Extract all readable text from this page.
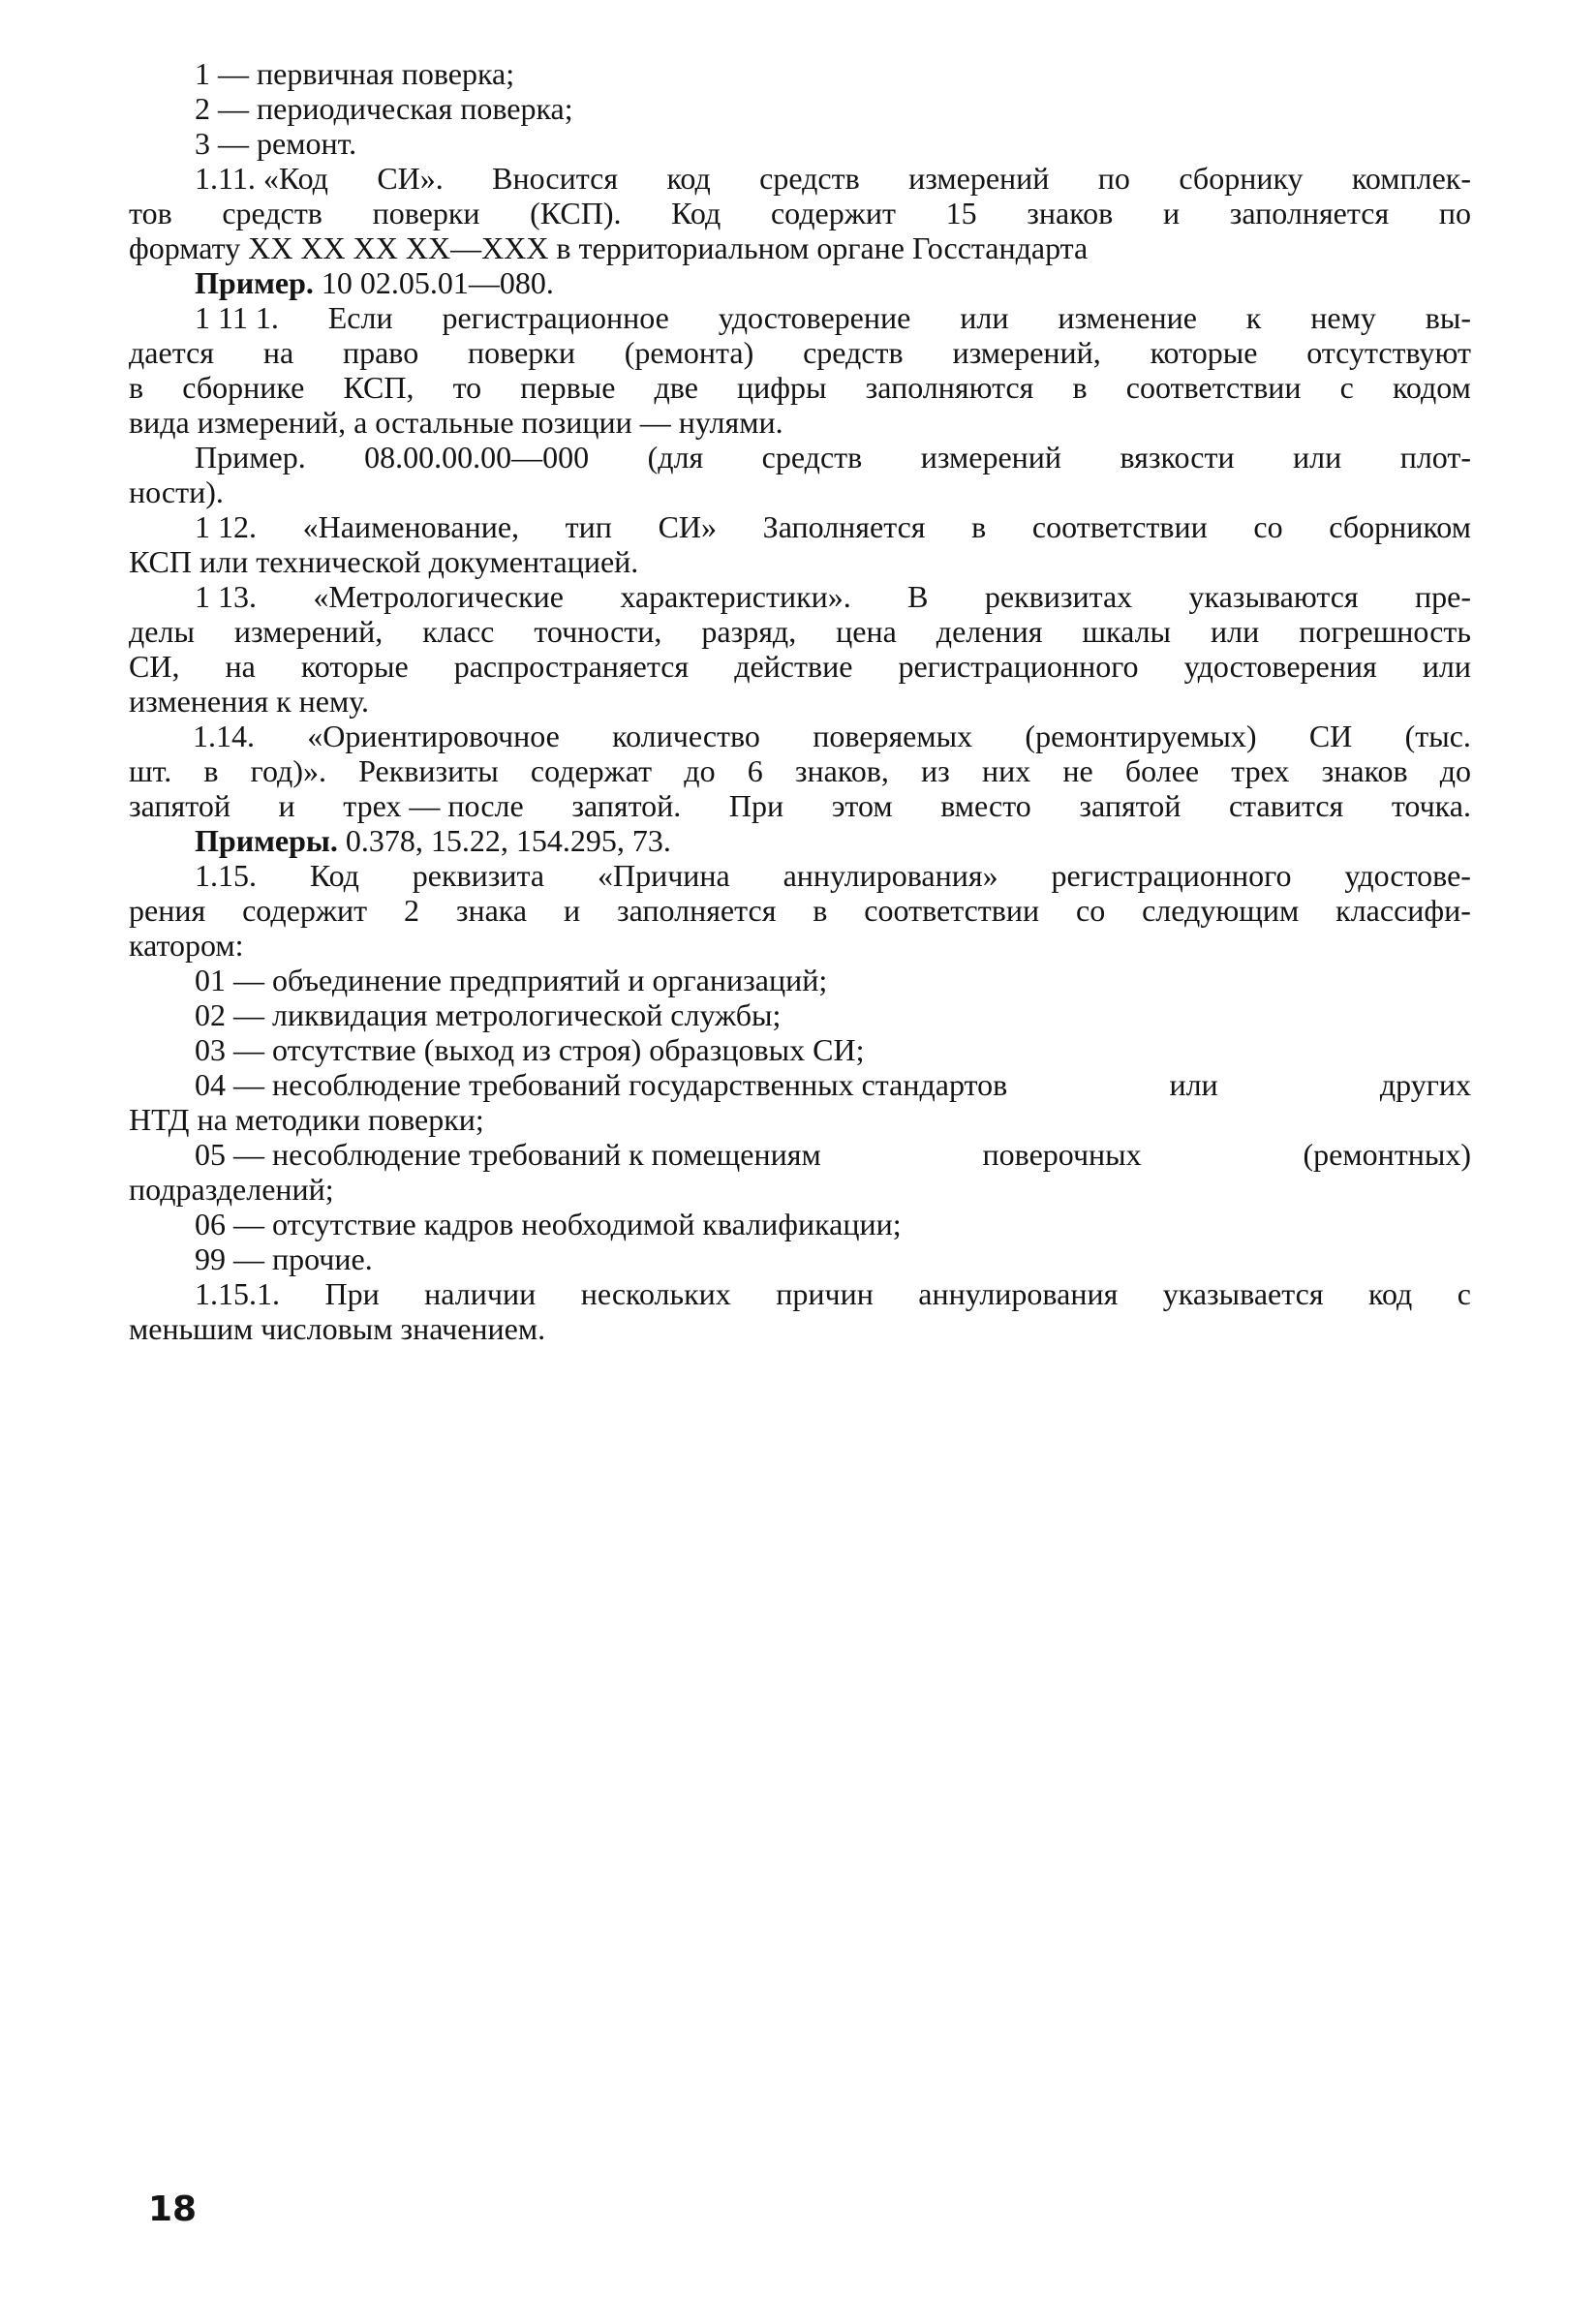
1 — первичная поверка;
2 — периодическая поверка;
3 — ремонт.
1.11. «Код СИ». Вносится код средств измерений по сборнику комплек-
тов средств поверки (КСП). Код содержит 15 знаков и заполняется по
формату XX XX XX XX—XXX в территориальном органе Госстандарта
Пример. 10 02.05.01—080.
1 11 1. Если регистрационное удостоверение или изменение к нему вы-
дается на право поверки (ремонта) средств измерений, которые отсутствуют
в сборнике КСП, то первые две цифры заполняются в соответствии с кодом
вида измерений, а остальные позиции — нулями.
Пример. 08.00.00.00—000 (для средств измерений вязкости или плот-
ности).
1 12. «Наименование, тип СИ» Заполняется в соответствии со сборником
КСП или технической документацией.
1 13. «Метрологические характеристики». В реквизитах указываются пре-
делы измерений, класс точности, разряд, цена деления шкалы или погрешность
СИ, на которые распространяется действие регистрационного удостоверения или
изменения к нему.
1.14. «Ориентировочное количество поверяемых (ремонтируемых) СИ (тыс.
шт. в год)». Реквизиты содержат до 6 знаков, из них не более трех знаков до
запятой и трех — после запятой. При этом вместо запятой ставится точка.
Примеры. 0.378, 15.22, 154.295, 73.
1.15. Код реквизита «Причина аннулирования» регистрационного удостове-
рения содержит 2 знака и заполняется в соответствии со следующим классифи-
катором:
01 — объединение предприятий и организаций;
02 — ликвидация метрологической службы;
03 — отсутствие (выход из строя) образцовых СИ;
04 — несоблюдение требований государственных стандартов	или	других
НТД на методики поверки;
05 — несоблюдение требований к помещениям	поверочных	(ремонтных)
подразделений;
06 — отсутствие кадров необходимой квалификации;
99 — прочие.
1.15.1. При наличии нескольких причин аннулирования указывается код с
меньшим числовым значением.
18
